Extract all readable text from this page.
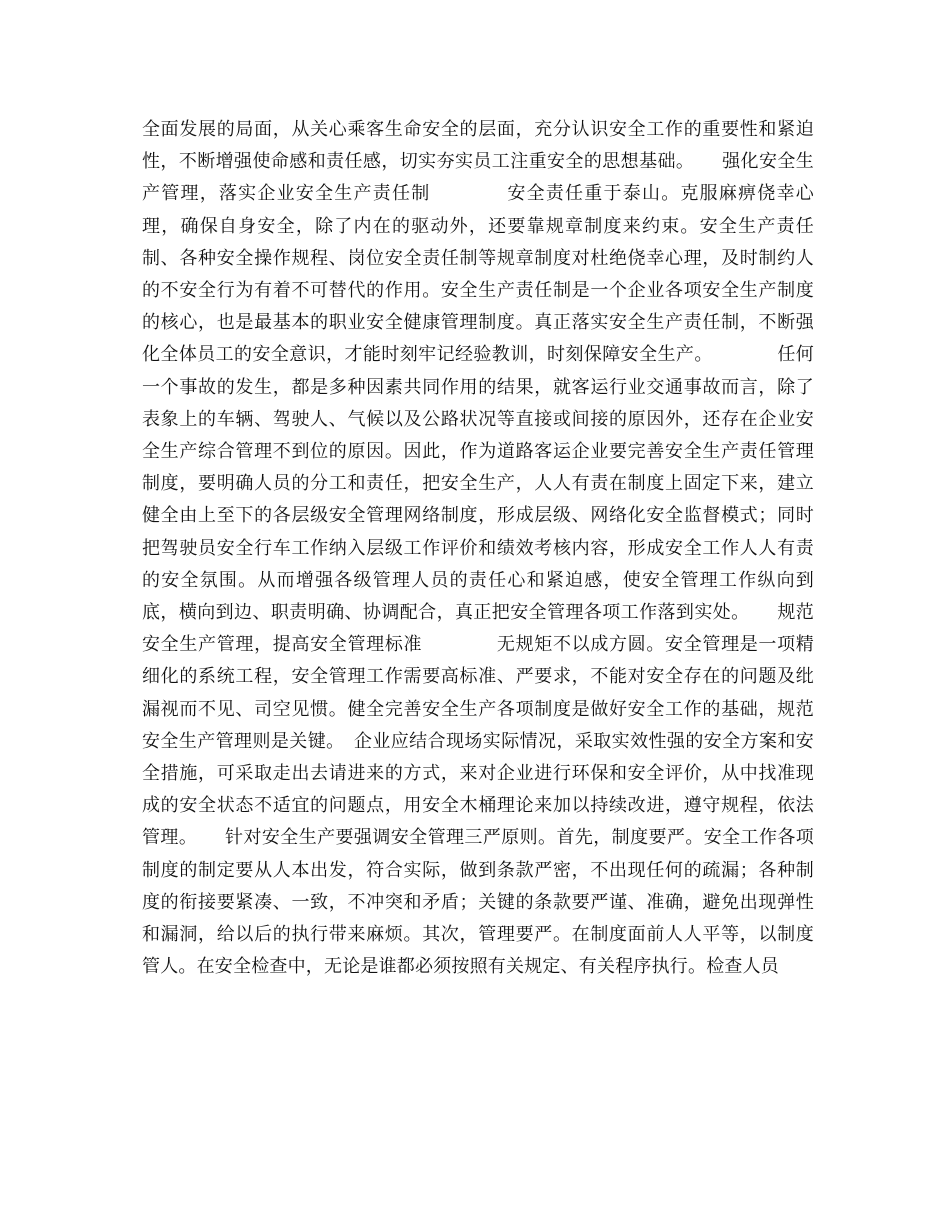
全面发展的局面，从关心乘客生命安全的层面，充分认识安全工作的重要性和紧迫性，不断增强使命感和责任感，切实夯实员工注重安全的思想基础。　　强化安全生产管理，落实企业安全生产责任制　　　　安全责任重于泰山。克服麻痹侥幸心理，确保自身安全，除了内在的驱动外，还要靠规章制度来约束。安全生产责任制、各种安全操作规程、岗位安全责任制等规章制度对杜绝侥幸心理，及时制约人的不安全行为有着不可替代的作用。安全生产责任制是一个企业各项安全生产制度的核心，也是最基本的职业安全健康管理制度。真正落实安全生产责任制，不断强化全体员工的安全意识，才能时刻牢记经验教训，时刻保障安全生产。　　　　任何一个事故的发生，都是多种因素共同作用的结果，就客运行业交通事故而言，除了表象上的车辆、驾驶人、气候以及公路状况等直接或间接的原因外，还存在企业安全生产综合管理不到位的原因。因此，作为道路客运企业要完善安全生产责任管理制度，要明确人员的分工和责任，把安全生产，人人有责在制度上固定下来，建立健全由上至下的各层级安全管理网络制度，形成层级、网络化安全监督模式；同时把驾驶员安全行车工作纳入层级工作评价和绩效考核内容，形成安全工作人人有责的安全氛围。从而增强各级管理人员的责任心和紧迫感，使安全管理工作纵向到底，横向到边、职责明确、协调配合，真正把安全管理各项工作落到实处。　　规范安全生产管理，提高安全管理标准　　　　无规矩不以成方圆。安全管理是一项精细化的系统工程，安全管理工作需要高标准、严要求，不能对安全存在的问题及纰漏视而不见、司空见惯。健全完善安全生产各项制度是做好安全工作的基础，规范安全生产管理则是关键。　企业应结合现场实际情况，采取实效性强的安全方案和安全措施，可采取走出去请进来的方式，来对企业进行环保和安全评价，从中找准现成的安全状态不适宜的问题点，用安全木桶理论来加以持续改进，遵守规程，依法管理。　　针对安全生产要强调安全管理三严原则。首先，制度要严。安全工作各项制度的制定要从人本出发，符合实际，做到条款严密，不出现任何的疏漏；各种制度的衔接要紧凑、一致，不冲突和矛盾；关键的条款要严谨、准确，避免出现弹性和漏洞，给以后的执行带来麻烦。其次，管理要严。在制度面前人人平等，以制度管人。在安全检查中，无论是谁都必须按照有关规定、有关程序执行。检查人员
